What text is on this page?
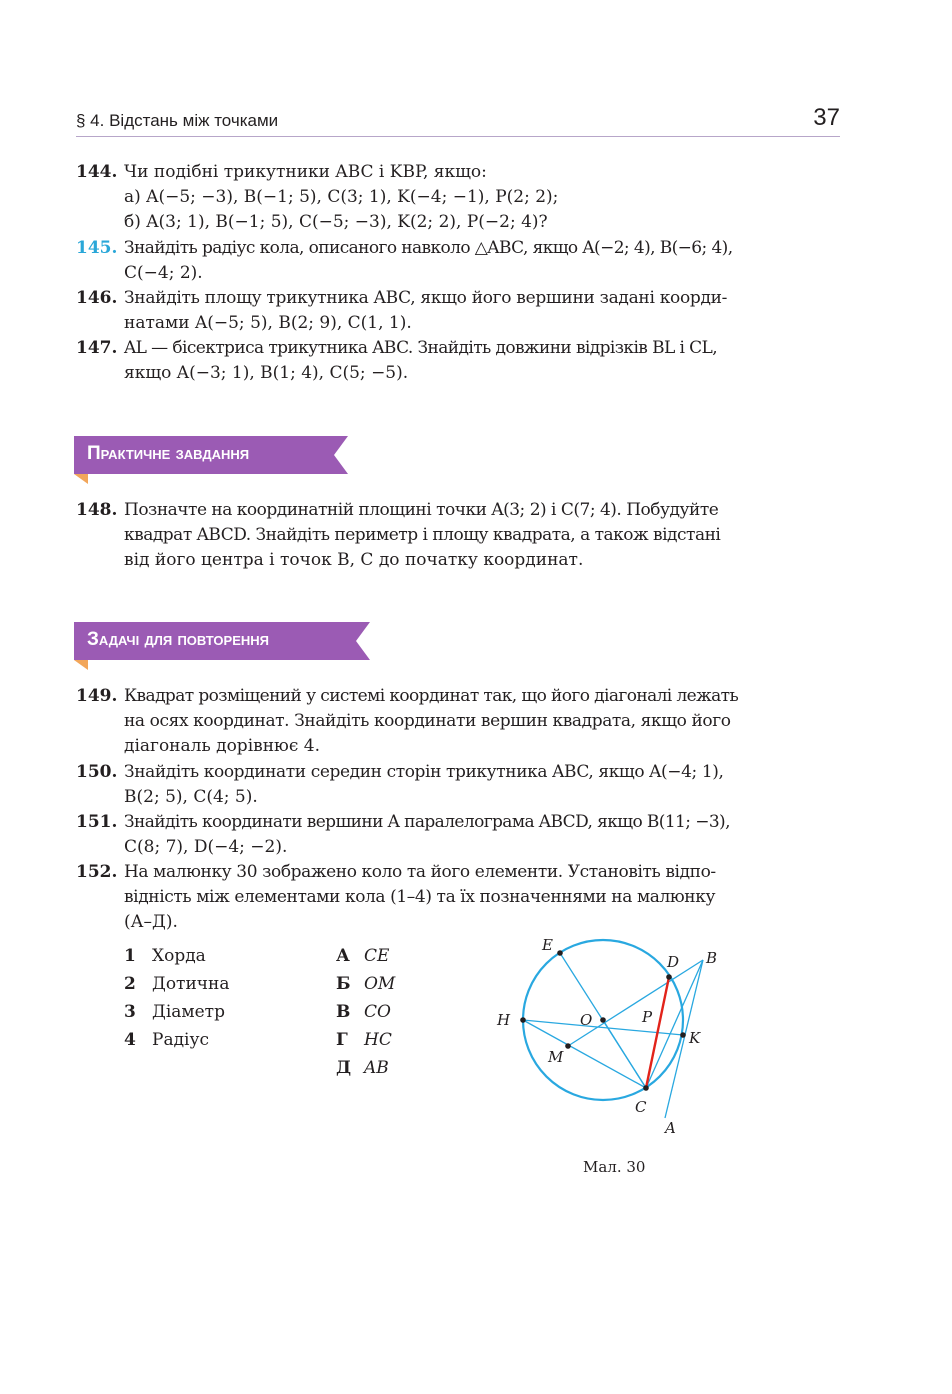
§ 4. Відстань між точками	37
144. Чи подібні трикутники ABC і KBP, якщо:
а) A(−5; −3), B(−1; 5), C(3; 1), K(−4; −1), P(2; 2);
б) A(3; 1), B(−1; 5), C(−5; −3), K(2; 2), P(−2; 4)?
145. Знайдіть радіус кола, описаного навколо △ABC, якщо A(−2; 4), B(−6; 4),
C(−4; 2).
146. Знайдіть площу трикутника ABC, якщо його вершини задані коорди-
натами A(−5; 5), B(2; 9), C(1, 1).
147. AL — бісектриса трикутника ABC. Знайдіть довжини відрізків BL і CL,
якщо A(−3; 1), B(1; 4), C(5; −5).
Практичне завдання
148. Позначте на координатній площині точки A(3; 2) і C(7; 4). Побудуйте
квадрат ABCD. Знайдіть периметр і площу квадрата, а також відстані
від його центра і точок B, C до початку координат.
Задачі для повторення
149. Квадрат розміщений у системі координат так, що його діагоналі лежать
на осях координат. Знайдіть координати вершин квадрата, якщо його
діагональ дорівнює 4.
150. Знайдіть координати середин сторін трикутника ABC, якщо A(−4; 1),
B(2; 5), C(4; 5).
151. Знайдіть координати вершини A паралелограма ABCD, якщо B(11; −3),
C(8; 7), D(−4; −2).
152. На малюнку 30 зображено коло та його елементи. Установіть відпо-
відність між елементами кола (1–4) та їх позначеннями на малюнку
(А–Д).
1 Хорда
2 Дотична
3 Діаметр
4 Радіус
А CE
Б OM
В CO
Г HC
Д AB
E
D B
H	O	P
K
M
C
A
Мал. 30
